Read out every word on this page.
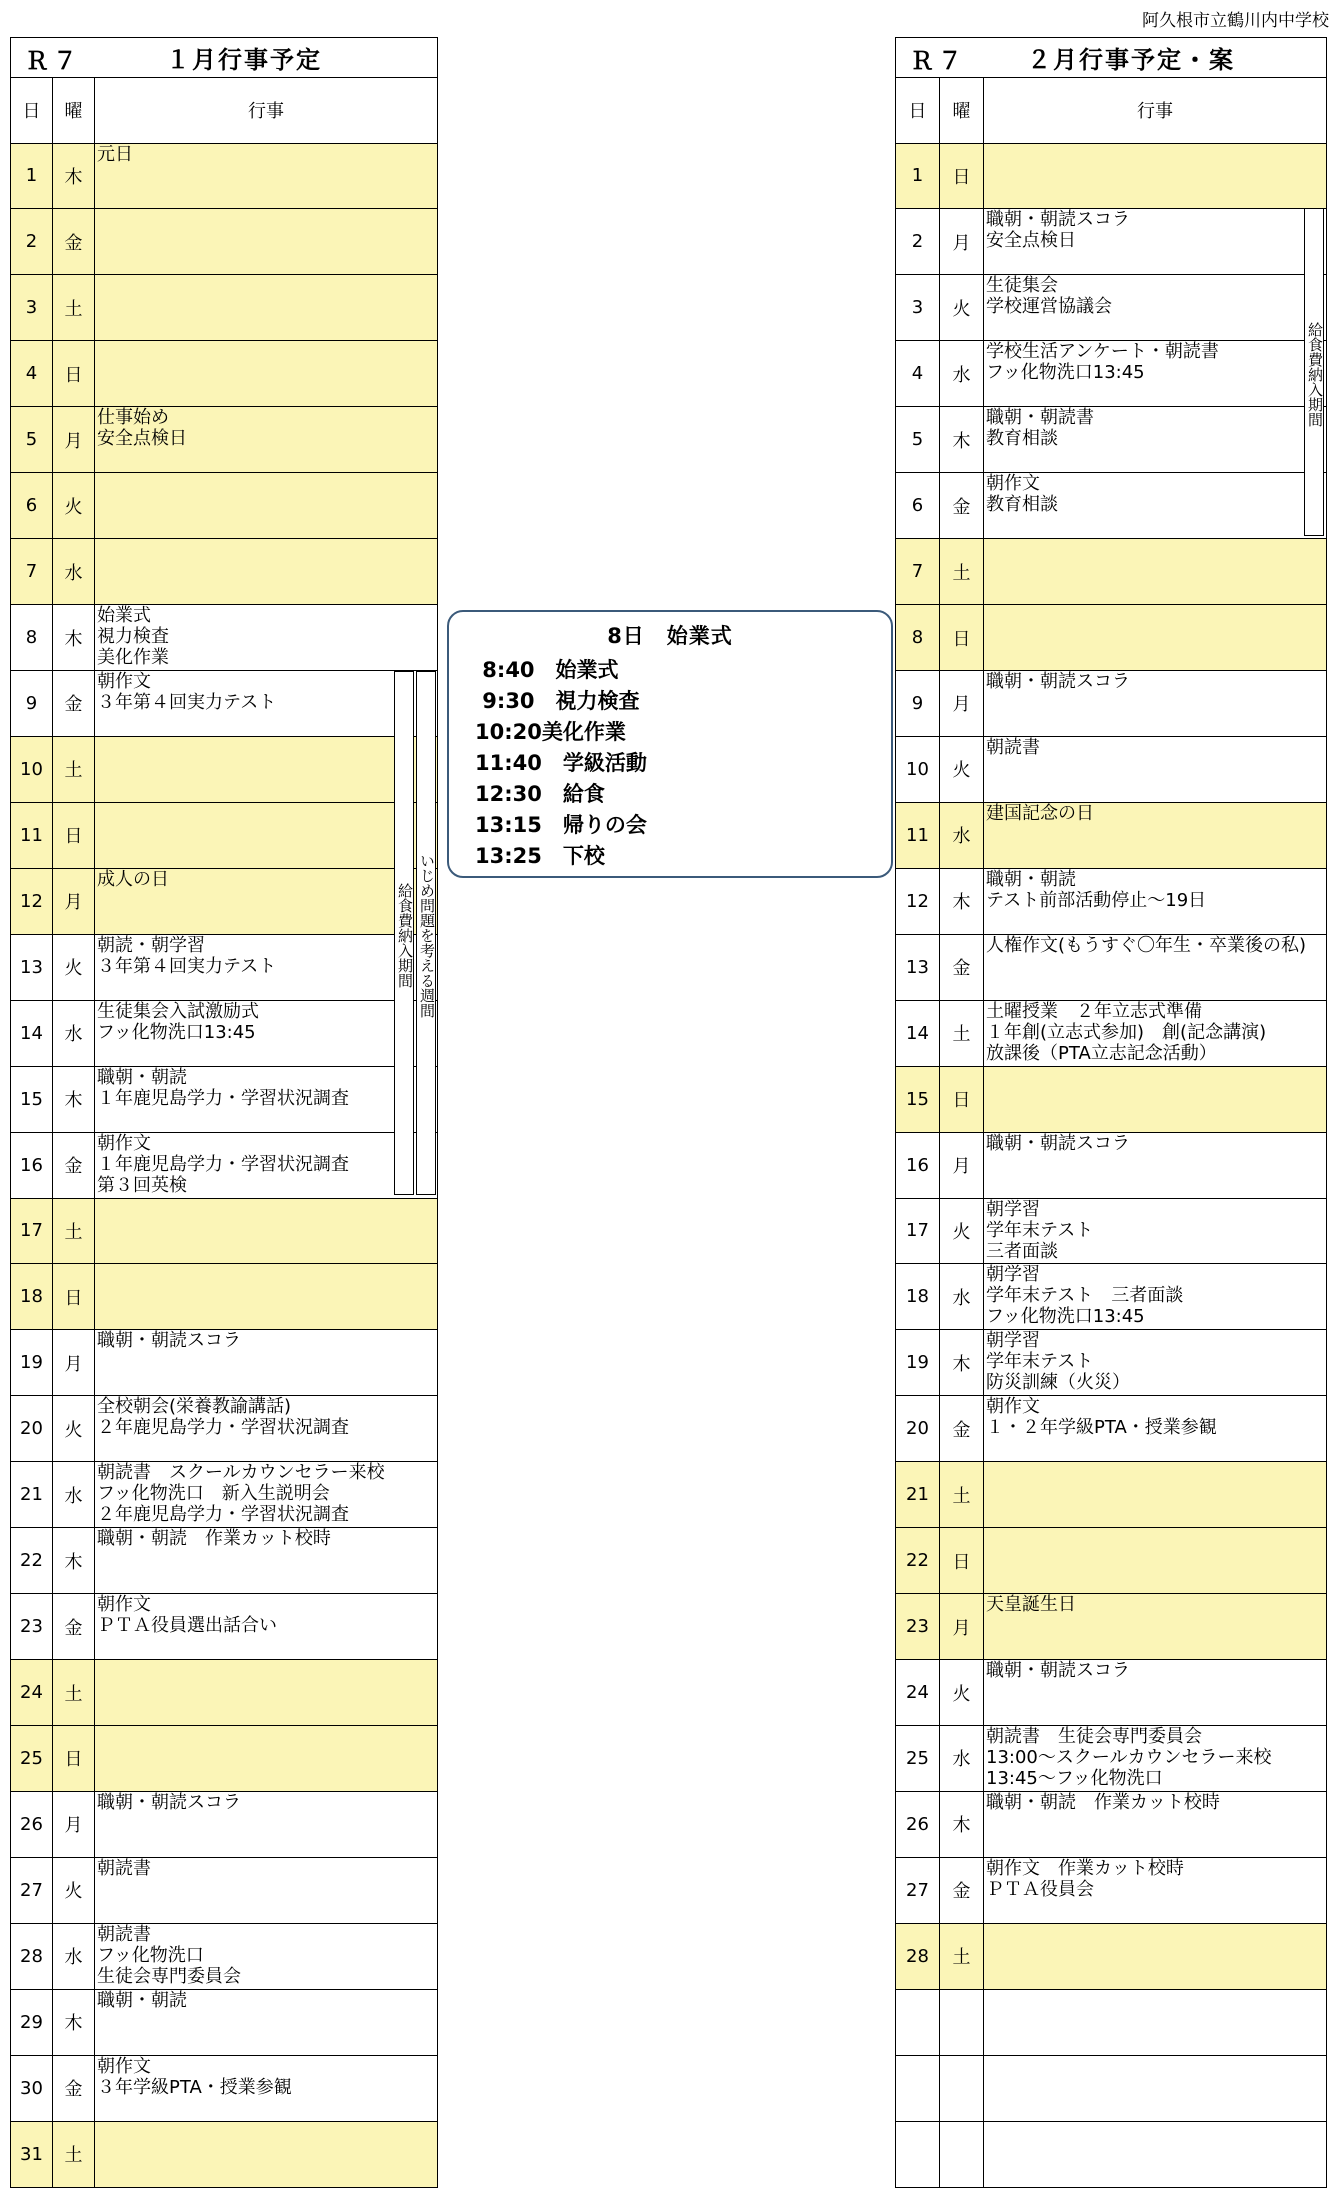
阿久根市立鶴川内中学校
Ｒ７ １月行事予定		

日	曜	行事
1	木	元日

2	金	

3	土	

4	日	

5	月	仕事始め
安全点検日

6	火	

7	水	

8	木	始業式
視力検査
美化作業

9	金	朝作文
３年第４回実力テスト

10	土	

11	日	

12	月	成人の日

13	火	朝読・朝学習
３年第４回実力テスト

14	水	生徒集会入試激励式
フッ化物洗口13:45

15	木	職朝・朝読
１年鹿児島学力・学習状況調査

16	金	朝作文
１年鹿児島学力・学習状況調査
第３回英検

17	土	

18	日	

19	月	職朝・朝読スコラ

20	火	全校朝会(栄養教諭講話)
２年鹿児島学力・学習状況調査

21	水	朝読書　スクールカウンセラー来校
フッ化物洗口　新入生説明会
２年鹿児島学力・学習状況調査

22	木	職朝・朝読　作業カット校時

23	金	朝作文
ＰＴＡ役員選出話合い

24	土	

25	日	

26	月	職朝・朝読スコラ

27	火	朝読書

28	水	朝読書
フッ化物洗口
生徒会専門委員会

29	木	職朝・朝読

30	金	朝作文
３年学級PTA・授業参観

31	土	
Ｒ７ ２月行事予定・案		

日	曜	行事
1	日	

2	月	職朝・朝読スコラ
安全点検日

3	火	生徒集会
学校運営協議会

4	水	学校生活アンケート・朝読書
フッ化物洗口13:45

5	木	職朝・朝読書
教育相談

6	金	朝作文
教育相談

7	土	

8	日	

9	月	職朝・朝読スコラ

10	火	朝読書

11	水	建国記念の日

12	木	職朝・朝読
テスト前部活動停止～19日

13	金	人権作文(もうすぐ〇年生・卒業後の私)

14	土	土曜授業　２年立志式準備
１年創(立志式参加)　創(記念講演)
放課後（PTA立志記念活動）

15	日	

16	月	職朝・朝読スコラ

17	火	朝学習
学年末テスト
三者面談

18	水	朝学習
学年末テスト　三者面談
フッ化物洗口13:45

19	木	朝学習
学年末テスト
防災訓練（火災）

20	金	朝作文
１・２年学級PTA・授業参観

21	土	

22	日	

23	月	天皇誕生日

24	火	職朝・朝読スコラ

25	水	朝読書　生徒会専門委員会
13:00～スクールカウンセラー来校
13:45～フッ化物洗口

26	木	職朝・朝読　作業カット校時

27	金	朝作文　作業カット校時
ＰＴＡ役員会

28	土	

給食費納入期間 いじめ問題を考える週間
給食費納入期間
8日　始業式
8:40　始業式
9:30　視力検査
10:20美化作業
11:40　学級活動
12:30　給食
13:15　帰りの会
13:25　下校
